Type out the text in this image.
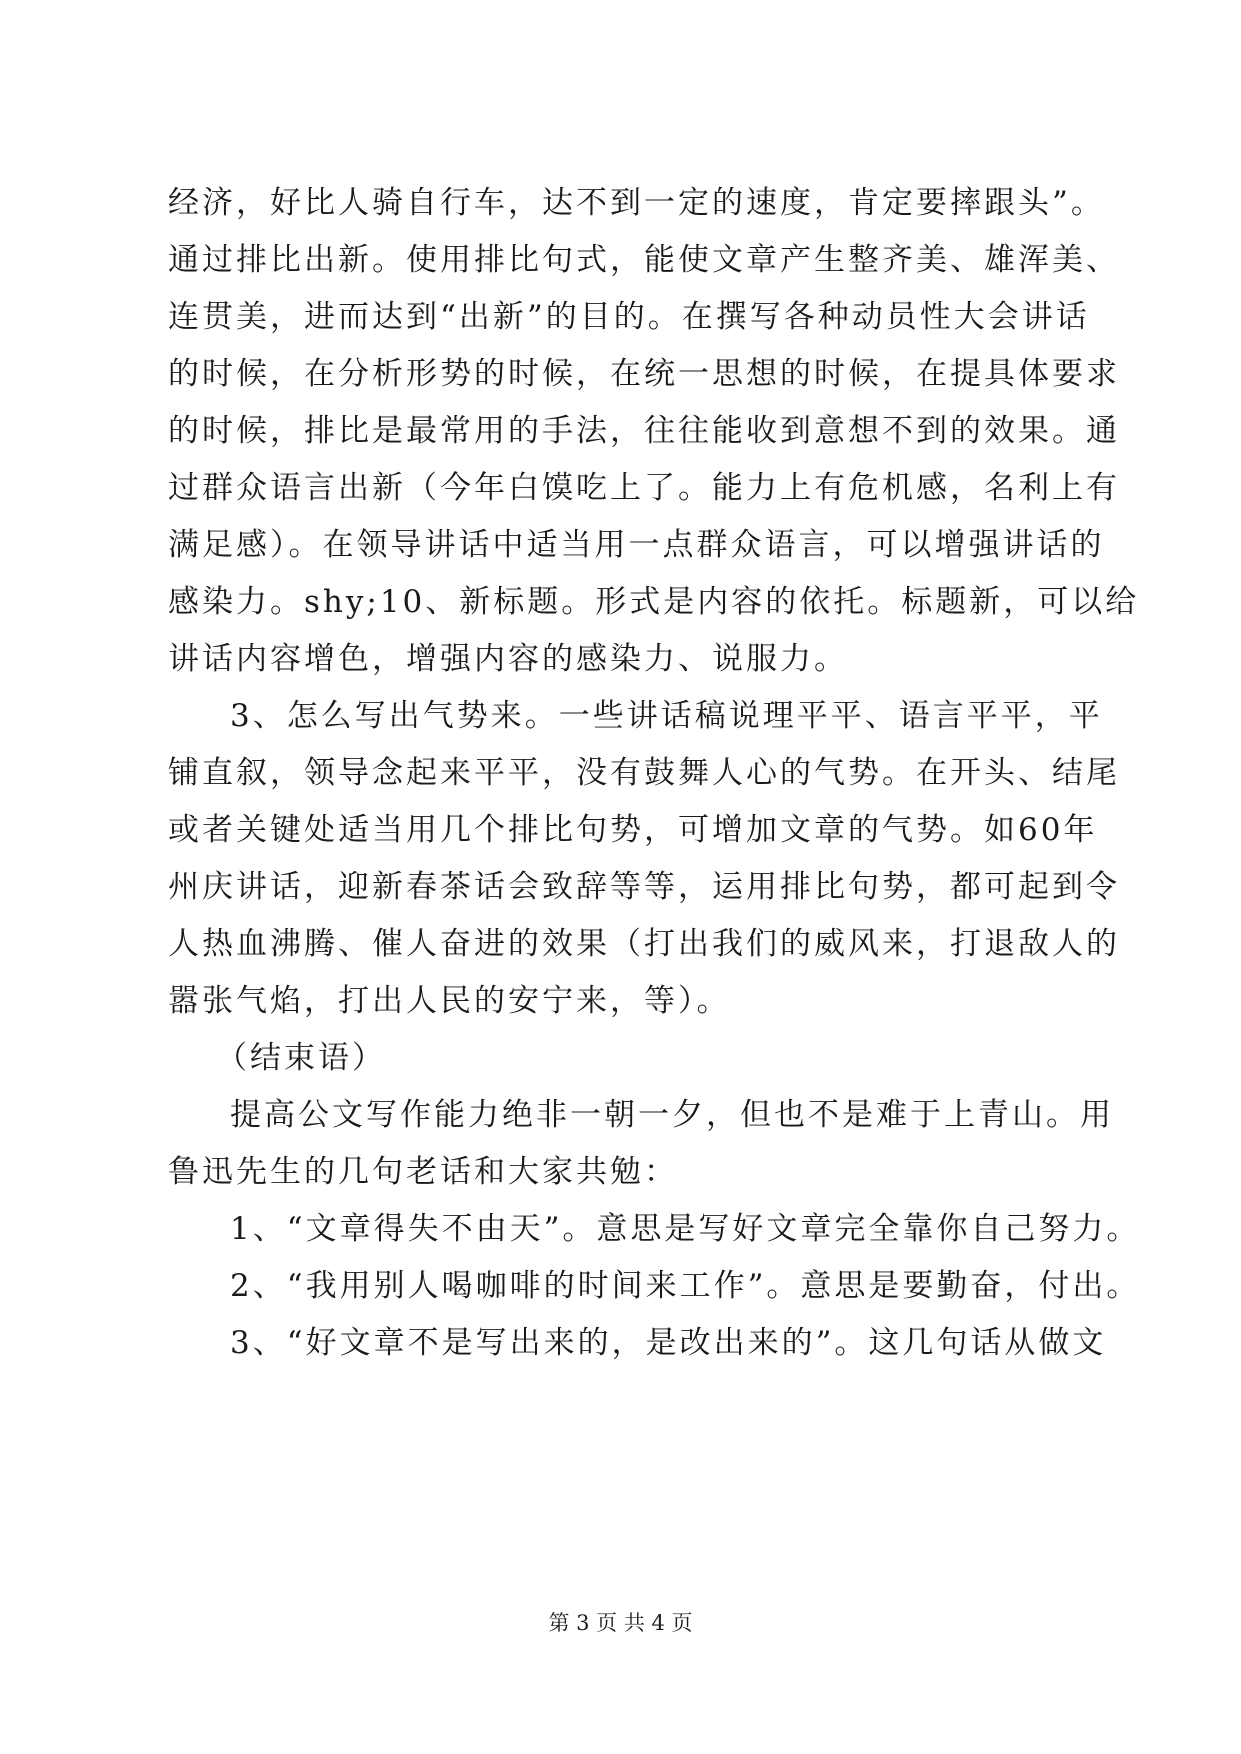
经济，好比人骑自行车，达不到一定的速度，肯定要摔跟头”。
通过排比出新。使用排比句式，能使文章产生整齐美、雄浑美、
连贯美，进而达到“出新”的目的。在撰写各种动员性大会讲话
的时候，在分析形势的时候，在统一思想的时候，在提具体要求
的时候，排比是最常用的手法，往往能收到意想不到的效果。通
过群众语言出新（今年白馍吃上了。能力上有危机感，名利上有
满足感）。在领导讲话中适当用一点群众语言，可以增强讲话的
感染力。shy;10、新标题。形式是内容的依托。标题新，可以给
讲话内容增色，增强内容的感染力、说服力。
3、怎么写出气势来。一些讲话稿说理平平、语言平平，平
铺直叙，领导念起来平平，没有鼓舞人心的气势。在开头、结尾
或者关键处适当用几个排比句势，可增加文章的气势。如60年
州庆讲话，迎新春茶话会致辞等等，运用排比句势，都可起到令
人热血沸腾、催人奋进的效果（打出我们的威风来，打退敌人的
嚣张气焰，打出人民的安宁来，等）。
（结束语）
提高公文写作能力绝非一朝一夕，但也不是难于上青山。用
鲁迅先生的几句老话和大家共勉：
1、“文章得失不由天”。意思是写好文章完全靠你自己努力。
2、“我用别人喝咖啡的时间来工作”。意思是要勤奋，付出。
3、“好文章不是写出来的，是改出来的”。这几句话从做文
第 3 页 共 4 页
